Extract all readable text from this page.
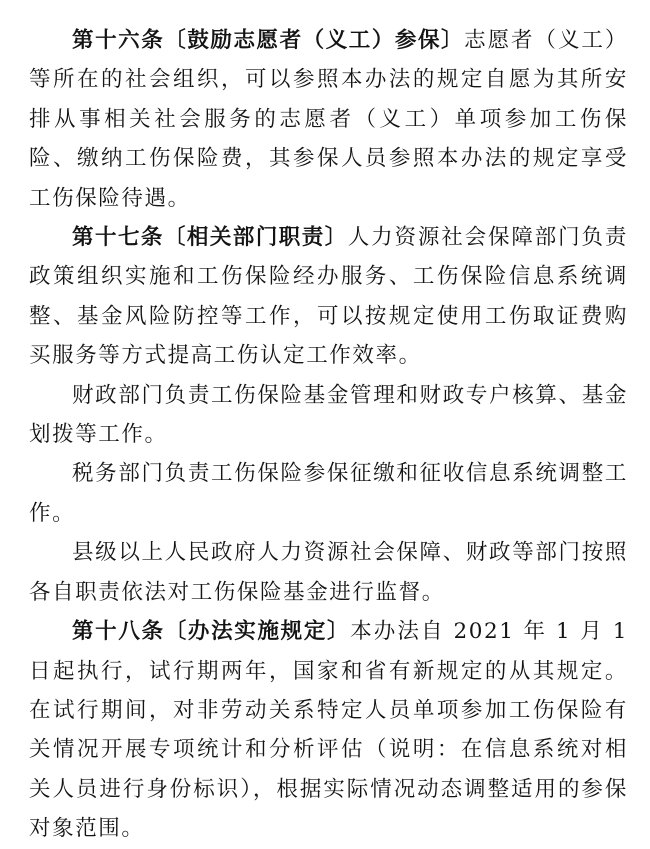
第十六条〔鼓励志愿者（义工）参保〕志愿者（义工）等所在的社会组织，可以参照本办法的规定自愿为其所安排从事相关社会服务的志愿者（义工）单项参加工伤保险、缴纳工伤保险费，其参保人员参照本办法的规定享受工伤保险待遇。

第十七条〔相关部门职责〕人力资源社会保障部门负责政策组织实施和工伤保险经办服务、工伤保险信息系统调整、基金风险防控等工作，可以按规定使用工伤取证费购买服务等方式提高工伤认定工作效率。

财政部门负责工伤保险基金管理和财政专户核算、基金划拨等工作。

税务部门负责工伤保险参保征缴和征收信息系统调整工作。

县级以上人民政府人力资源社会保障、财政等部门按照各自职责依法对工伤保险基金进行监督。

第十八条〔办法实施规定〕本办法自 2021 年 1 月 1 日起执行，试行期两年，国家和省有新规定的从其规定。在试行期间，对非劳动关系特定人员单项参加工伤保险有关情况开展专项统计和分析评估（说明：在信息系统对相关人员进行身份标识），根据实际情况动态调整适用的参保对象范围。
